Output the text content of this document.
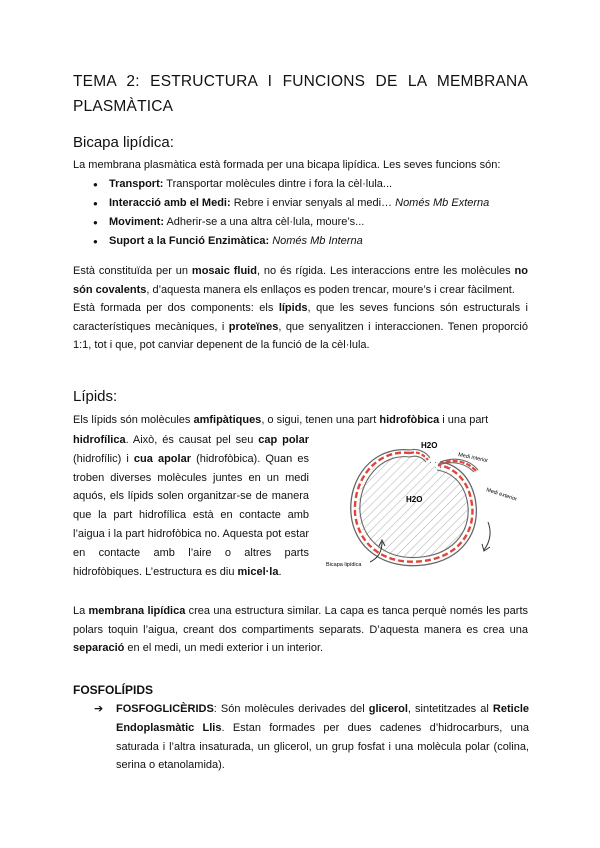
TEMA 2: ESTRUCTURA I FUNCIONS DE LA MEMBRANA
PLASMÀTICA
Bicapa lipídica:

La membrana plasmàtica està formada per una bicapa lipídica. Les seves funcions són:

● Transport: Transportar molècules dintre i fora la cèl·lula...
● Interacció amb el Medi: Rebre i enviar senyals al medi… Només Mb Externa
● Moviment: Adherir-se a una altra cèl·lula, moure’s...
● Suport a la Funció Enzimàtica: Només Mb Interna

Està constituïda per un mosaic fluid, no és rígida. Les interaccions entre les molècules no són covalents, d’aquesta manera els enllaços es poden trencar, moure’s i crear fàcilment.

Està formada per dos components: els lípids, que les seves funcions són estructurals i característiques mecàniques, i proteïnes, que senyalitzen i interaccionen. Tenen proporció 1:1, tot i que, pot canviar depenent de la funció de la cèl·lula.

Lípids:

Els lípids són molècules amfipàtiques, o sigui, tenen una part hidrofòbica i una part

hidrofílica. Això, és causat pel seu cap polar (hidrofílic) i cua apolar (hidrofòbica). Quan es troben diverses molècules juntes en un medi aquós, els lípids solen organitzar-se de manera que la part hidrofílica està en contacte amb l’aigua i la part hidrofòbica no. Aquesta pot estar en contacte amb l’aire o altres parts hidrofòbiques. L’estructura es diu micel·la.
H2O
H2O
Medi interior
Medi exterior
Bicapa lipídica

La membrana lipídica crea una estructura similar. La capa es tanca perquè només les parts polars toquin l’aigua, creant dos compartiments separats. D’aquesta manera es crea una separació en el medi, un medi exterior i un interior.

FOSFOLÍPIDS
➔ FOSFOGLICÈRIDS: Són molècules derivades del glicerol, sintetitzades al Reticle Endoplasmàtic Llis. Estan formades per dues cadenes d’hidrocarburs, una saturada i l’altra insaturada, un glicerol, un grup fosfat i una molècula polar (colina, serina o etanolamida).
